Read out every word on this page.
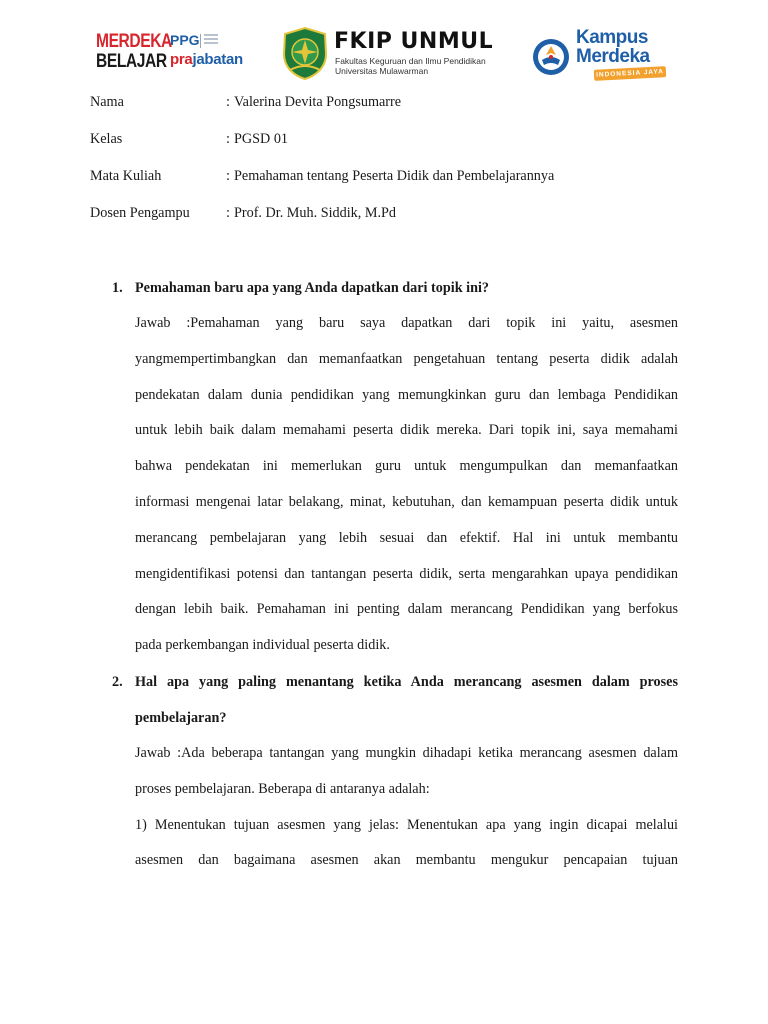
MERDEKA
BELAJAR
PPG
prajabatan
FKIP UNMUL
Fakultas Keguruan dan Ilmu Pendidikan
Universitas Mulawarman
Kampus
Merdeka
INDONESIA JAYA
Nama	: Valerina Devita Pongsumarre
Kelas	: PGSD 01
Mata Kuliah	: Pemahaman tentang Peserta Didik dan Pembelajarannya
Dosen Pengampu	: Prof. Dr. Muh. Siddik, M.Pd
1. Pemahaman baru apa yang Anda dapatkan dari topik ini?
Jawab :Pemahaman yang baru saya dapatkan dari topik ini yaitu, asesmen
yangmempertimbangkan dan memanfaatkan pengetahuan tentang peserta didik adalah
pendekatan dalam dunia pendidikan yang memungkinkan guru dan lembaga Pendidikan
untuk lebih baik dalam memahami peserta didik mereka. Dari topik ini, saya memahami
bahwa pendekatan ini memerlukan guru untuk mengumpulkan dan memanfaatkan
informasi mengenai latar belakang, minat, kebutuhan, dan kemampuan peserta didik untuk
merancang pembelajaran yang lebih sesuai dan efektif. Hal ini untuk membantu
mengidentifikasi potensi dan tantangan peserta didik, serta mengarahkan upaya pendidikan
dengan lebih baik. Pemahaman ini penting dalam merancang Pendidikan yang berfokus
pada perkembangan individual peserta didik.
2. Hal apa yang paling menantang ketika Anda merancang asesmen dalam proses
pembelajaran?
Jawab :Ada beberapa tantangan yang mungkin dihadapi ketika merancang asesmen dalam
proses pembelajaran. Beberapa di antaranya adalah:
1) Menentukan tujuan asesmen yang jelas: Menentukan apa yang ingin dicapai melalui
asesmen dan bagaimana asesmen akan membantu mengukur pencapaian tujuan
